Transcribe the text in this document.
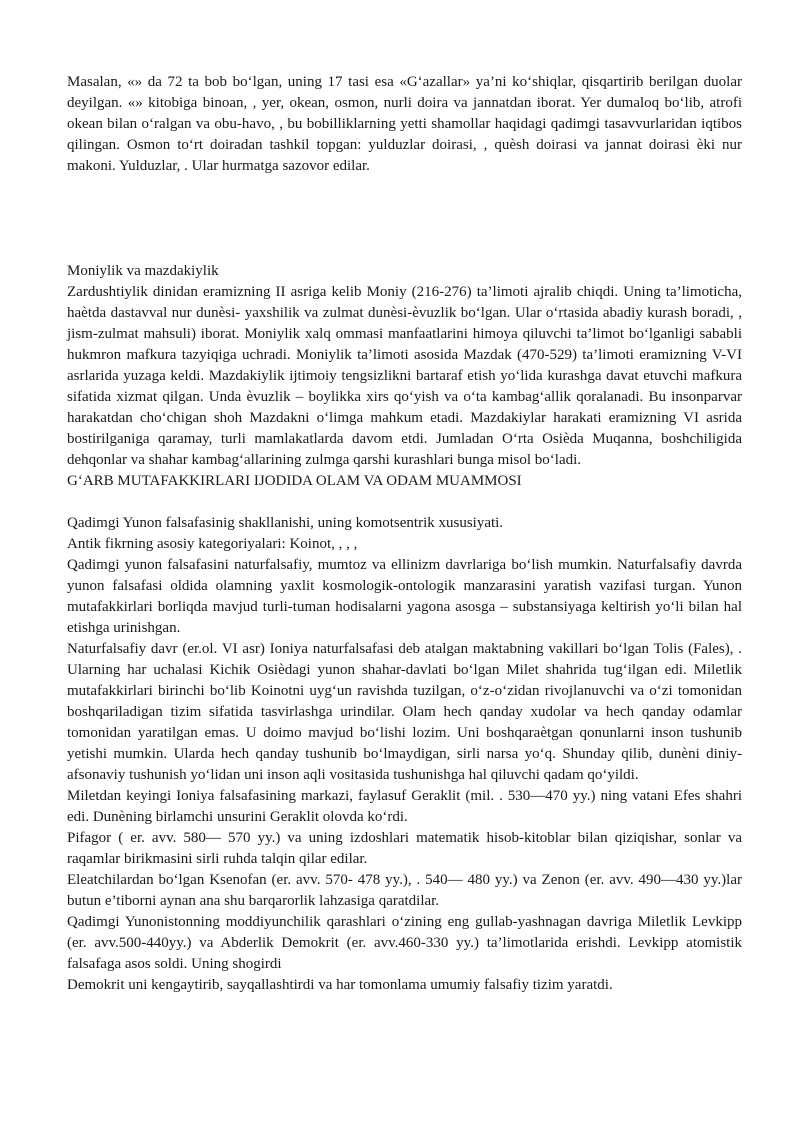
Masalan, «» da 72 ta bob bo‘lgan, uning 17 tasi esa «G‘azallar» ya’ni ko‘shiqlar, qisqartirib berilgan duolar deyilgan. «» kitobiga binoan, , yer, okean, osmon, nurli doira va jannatdan iborat. Yer dumaloq bo‘lib, atrofi okean bilan o‘ralgan va obu-havo, , bu bobilliklarning yetti shamollar haqidagi qadimgi tasavvurlaridan iqtibos qilingan. Osmon to‘rt doiradan tashkil topgan: yulduzlar doirasi, , quèsh doirasi va jannat doirasi èki nur makoni. Yulduzlar, . Ular hurmatga sazovor edilar.

Moniylik va mazdakiylik

Zardushtiylik dinidan eramizning II asriga kelib Moniy (216-276) ta’limoti ajralib chiqdi. Uning ta’limoticha, haètda dastavval nur dunèsi- yaxshilik va zulmat dunèsi-èvuzlik bo‘lgan. Ular o‘rtasida abadiy kurash boradi, , jism-zulmat mahsuli) iborat. Moniylik xalq ommasi manfaatlarini himoya qiluvchi ta’limot bo‘lganligi sababli hukmron mafkura tazyiqiga uchradi. Moniylik ta’limoti asosida Mazdak (470-529) ta’limoti eramizning V-VI asrlarida yuzaga keldi. Mazdakiylik ijtimoiy tengsizlikni bartaraf etish yo‘lida kurashga davat etuvchi mafkura sifatida xizmat qilgan. Unda èvuzlik – boylikka xirs qo‘yish va o‘ta kambag‘allik qoralanadi. Bu insonparvar harakatdan cho‘chigan shoh Mazdakni o‘limga mahkum etadi. Mazdakiylar harakati eramizning VI asrida bostirilganiga qaramay, turli mamlakatlarda davom etdi. Jumladan O‘rta Osièda Muqanna, boshchiligida dehqonlar va shahar kambag‘allarining zulmga qarshi kurashlari bunga misol bo‘ladi.

G‘ARB MUTAFAKKIRLARI IJODIDA OLAM VA ODAM MUAMMOSI

Qadimgi Yunon falsafasinig shakllanishi, uning komotsentrik xususiyati.

Antik fikrning asosiy kategoriyalari: Koinot, , , ,

Qadimgi yunon falsafasini naturfalsafiy, mumtoz va ellinizm davrlariga bo‘lish mumkin. Naturfalsafiy davrda yunon falsafasi oldida olamning yaxlit kosmologik-ontologik manzarasini yaratish vazifasi turgan. Yunon mutafakkirlari borliqda mavjud turli-tuman hodisalarni yagona asosga – substansiyaga keltirish yo‘li bilan hal etishga urinishgan.

Naturfalsafiy davr (er.ol. VI asr) Ioniya naturfalsafasi deb atalgan maktabning vakillari bo‘lgan Tolis (Fales), . Ularning har uchalasi Kichik Osièdagi yunon shahar-davlati bo‘lgan Milet shahrida tug‘ilgan edi. Miletlik mutafakkirlari birinchi bo‘lib Koinotni uyg‘un ravishda tuzilgan, o‘z-o‘zidan rivojlanuvchi va o‘zi tomonidan boshqariladigan tizim sifatida tasvirlashga urindilar. Olam hech qanday xudolar va hech qanday odamlar tomonidan yaratilgan emas. U doimo mavjud bo‘lishi lozim. Uni boshqaraètgan qonunlarni inson tushunib yetishi mumkin. Ularda hech qanday tushunib bo‘lmaydigan, sirli narsa yo‘q. Shunday qilib, dunèni diniy-afsonaviy tushunish yo‘lidan uni inson aqli vositasida tushunishga hal qiluvchi qadam qo‘yildi.

Miletdan keyingi Ioniya falsafasining markazi, faylasuf Geraklit (mil. . 530—470 yy.) ning vatani Efes shahri edi. Dunèning birlamchi unsurini Geraklit olovda ko‘rdi.

Pifagor ( er. avv. 580— 570 yy.) va uning izdoshlari matematik hisob-kitoblar bilan qiziqishar, sonlar va raqamlar birikmasini sirli ruhda talqin qilar edilar.

Eleatchilardan bo‘lgan Ksenofan (er. avv. 570- 478 yy.), . 540— 480 yy.) va Zenon (er. avv. 490—430 yy.)lar butun e’tiborni aynan ana shu barqarorlik lahzasiga qaratdilar.

Qadimgi Yunonistonning moddiyunchilik qarashlari o‘zining eng gullab-yashnagan davriga Miletlik Levkipp (er. avv.500-440yy.) va Abderlik Demokrit (er. avv.460-330 yy.) ta’limotlarida erishdi. Levkipp atomistik falsafaga asos soldi. Uning shogirdi

Demokrit uni kengaytirib, sayqallashtirdi va har tomonlama umumiy falsafiy tizim yaratdi.
